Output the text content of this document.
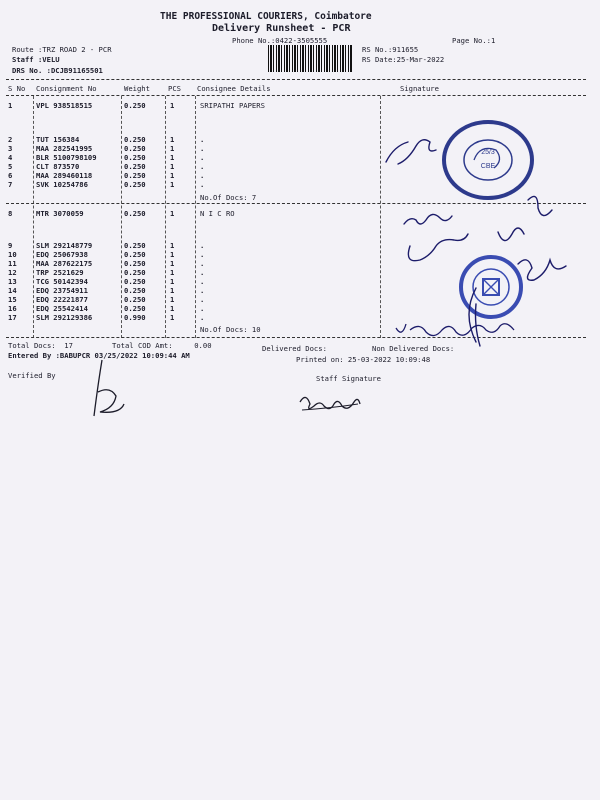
THE PROFESSIONAL COURIERS, Coimbatore
Delivery Runsheet - PCR
Phone No.:0422-3505555	Page No.:1
Route :TRZ ROAD 2 - PCR
Staff :VELU
DRS No. :DCJB91165501
RS No.:911655
RS Date:25-Mar-2022
S No Consignment No	Weight	PCS Consignee Details	Signature
1	VPL 938518515	0.250	1	SRIPATHI PAPERS
2	TUT 156384	0.250	1	.
3	MAA 282541995	0.250	1	.
4	BLR 5100798109	0.250	1	.
5	CLT 873570	0.250	1	.
6	MAA 289460118	0.250	1	.
7	SVK 10254786	0.250	1	.
No.Of Docs: 7
8	MTR 3070059	0.250	1	N I C RO
9	SLM 292148779	0.250	1	.
10	EDQ 25067938	0.250	1	.
11	MAA 287622175	0.250	1	.
12	TRP 2521629	0.250	1	.
13	TCG 50142394	0.250	1	.
14	EDQ 23754911	0.250	1	.
15	EDQ 22221877	0.250	1	.
16	EDQ 25542414	0.250	1	.
17	SLM 292129386	0.990	1	.
No.Of Docs: 10
Total Docs:  17	Total COD Amt:     0.00	Delivered Docs:	Non Delivered Docs:
Entered By :BABUPCR 03/25/2022 10:09:44 AM	Printed on: 25-03-2022 10:09:48
Verified By	Staff Signature
25/3
CBE
